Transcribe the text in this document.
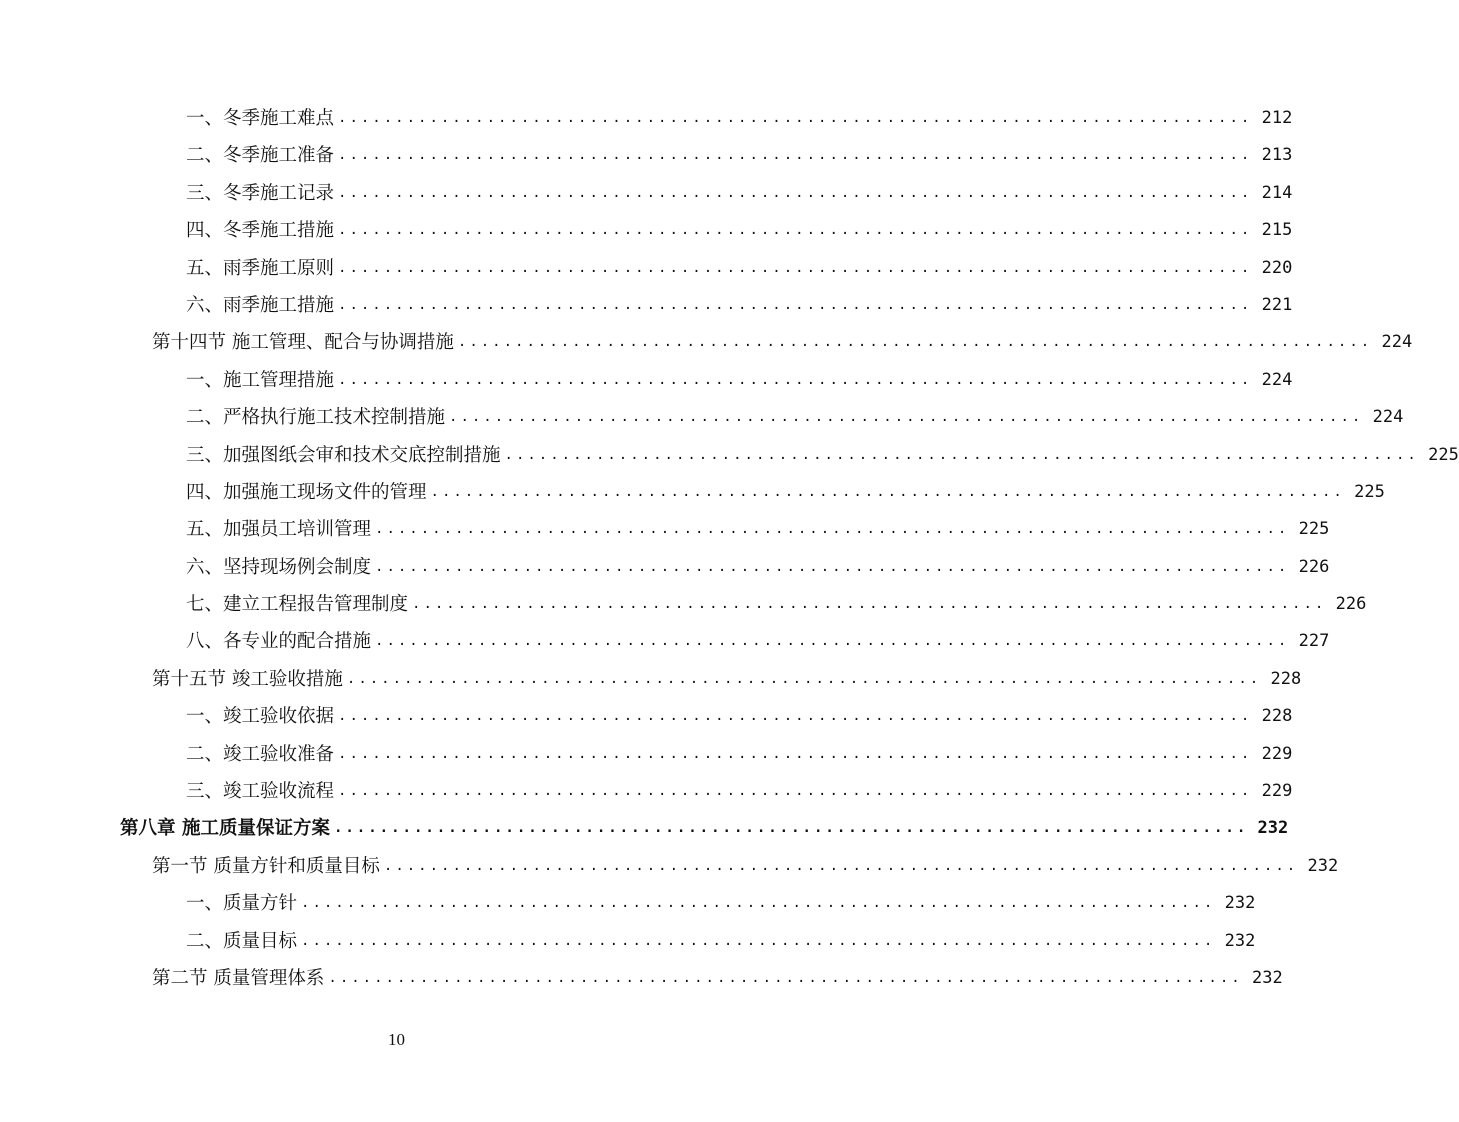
一、冬季施工难点 ................................................................................ 212
二、冬季施工准备 ................................................................................ 213
三、冬季施工记录 ................................................................................ 214
四、冬季施工措施 ................................................................................ 215
五、雨季施工原则 ................................................................................ 220
六、雨季施工措施 ................................................................................ 221
第十四节 施工管理、配合与协调措施 ................................................................................ 224
一、施工管理措施 ................................................................................ 224
二、严格执行施工技术控制措施 ................................................................................ 224
三、加强图纸会审和技术交底控制措施 ................................................................................ 225
四、加强施工现场文件的管理 ................................................................................ 225
五、加强员工培训管理 ................................................................................ 225
六、坚持现场例会制度 ................................................................................ 226
七、建立工程报告管理制度 ................................................................................ 226
八、各专业的配合措施 ................................................................................ 227
第十五节 竣工验收措施 ................................................................................ 228
一、竣工验收依据 ................................................................................ 228
二、竣工验收准备 ................................................................................ 229
三、竣工验收流程 ................................................................................ 229
第八章 施工质量保证方案 ................................................................................ 232
第一节 质量方针和质量目标 ................................................................................ 232
一、质量方针 ................................................................................ 232
二、质量目标 ................................................................................ 232
第二节 质量管理体系 ................................................................................ 232
10
